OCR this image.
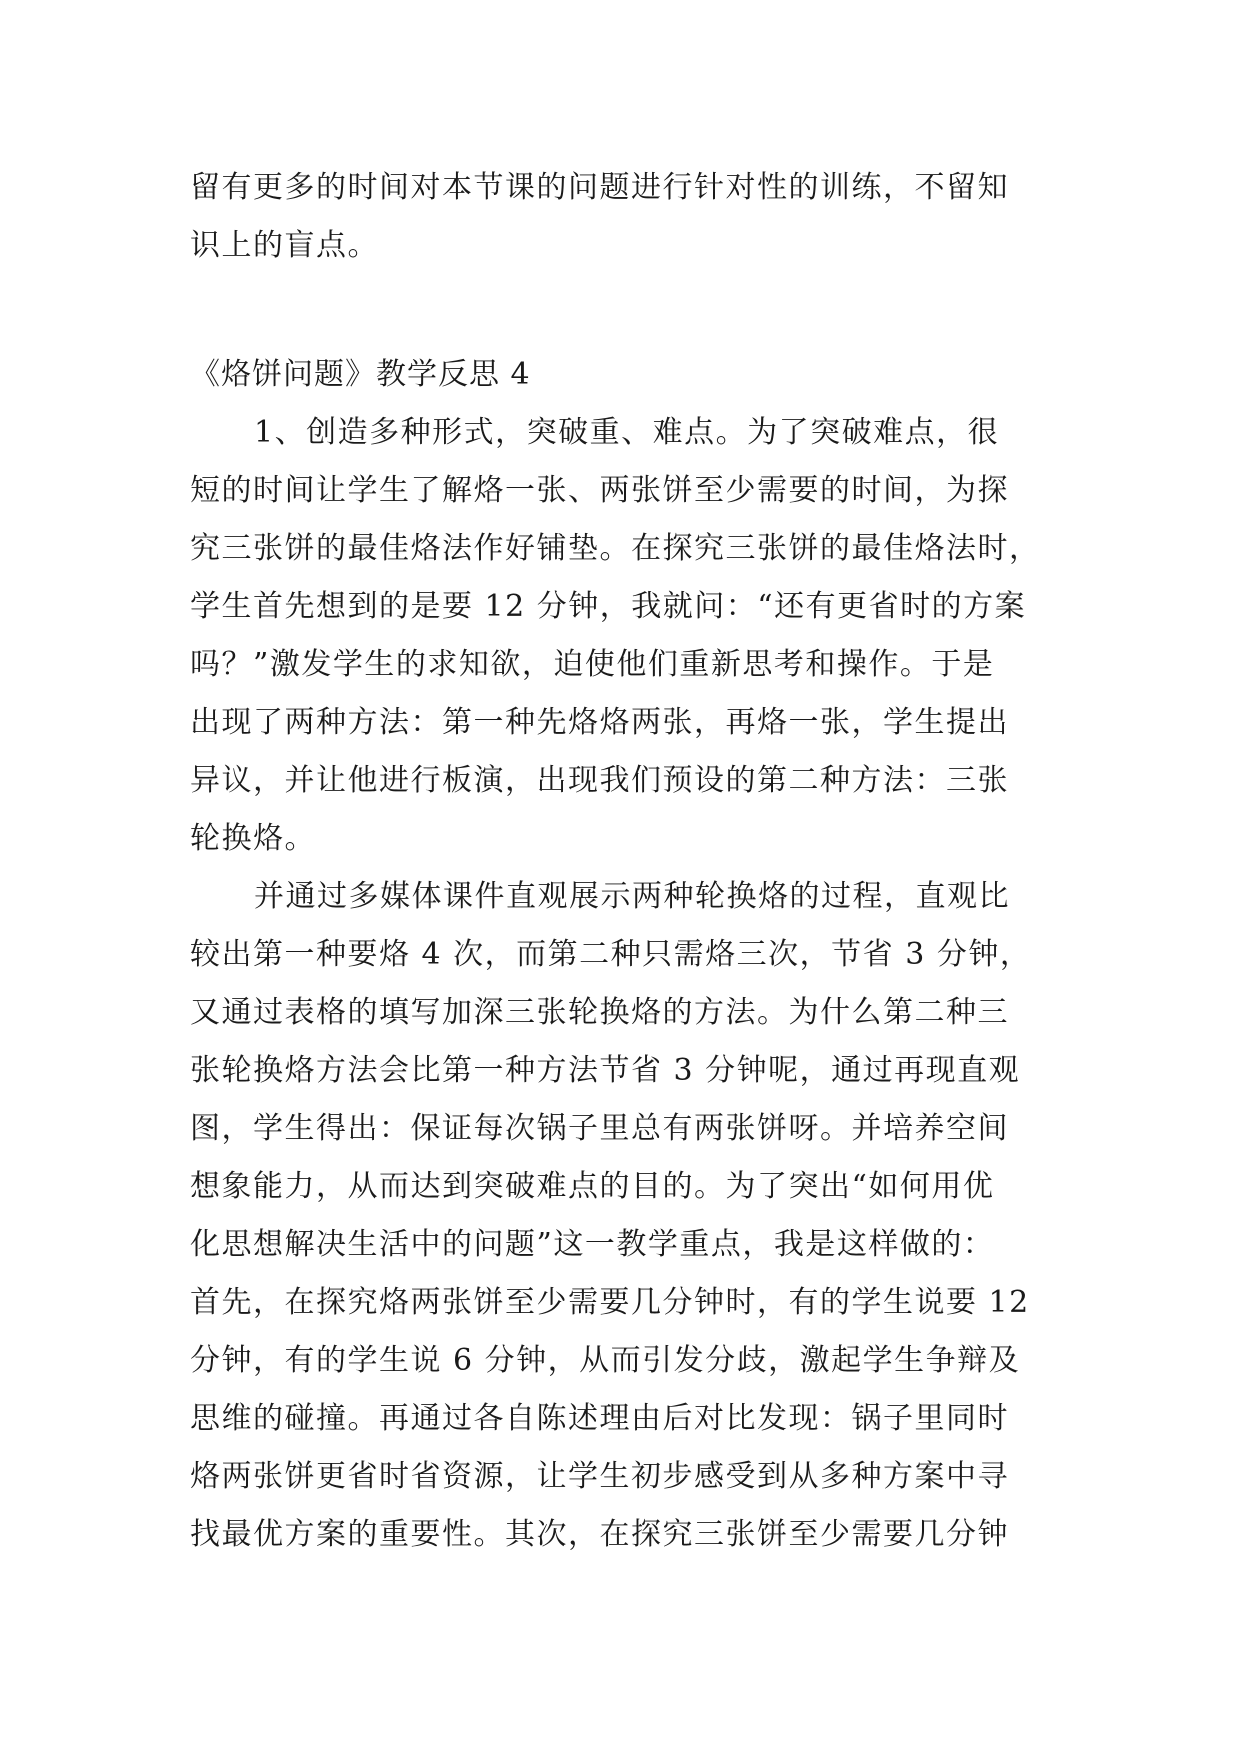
留有更多的时间对本节课的问题进行针对性的训练，不留知
识上的盲点。

《烙饼问题》教学反思 4

1、创造多种形式，突破重、难点。为了突破难点，很
短的时间让学生了解烙一张、两张饼至少需要的时间，为探
究三张饼的最佳烙法作好铺垫。在探究三张饼的最佳烙法时，
学生首先想到的是要 12 分钟，我就问：“还有更省时的方案
吗？”激发学生的求知欲，迫使他们重新思考和操作。于是
出现了两种方法：第一种先烙烙两张，再烙一张，学生提出
异议，并让他进行板演，出现我们预设的第二种方法：三张
轮换烙。

并通过多媒体课件直观展示两种轮换烙的过程，直观比
较出第一种要烙 4 次，而第二种只需烙三次，节省 3 分钟，
又通过表格的填写加深三张轮换烙的方法。为什么第二种三
张轮换烙方法会比第一种方法节省 3 分钟呢，通过再现直观
图，学生得出：保证每次锅子里总有两张饼呀。并培养空间
想象能力，从而达到突破难点的目的。为了突出“如何用优
化思想解决生活中的问题”这一教学重点，我是这样做的：
首先，在探究烙两张饼至少需要几分钟时，有的学生说要 12
分钟，有的学生说 6 分钟，从而引发分歧，激起学生争辩及
思维的碰撞。再通过各自陈述理由后对比发现：锅子里同时
烙两张饼更省时省资源，让学生初步感受到从多种方案中寻
找最优方案的重要性。其次，在探究三张饼至少需要几分钟
